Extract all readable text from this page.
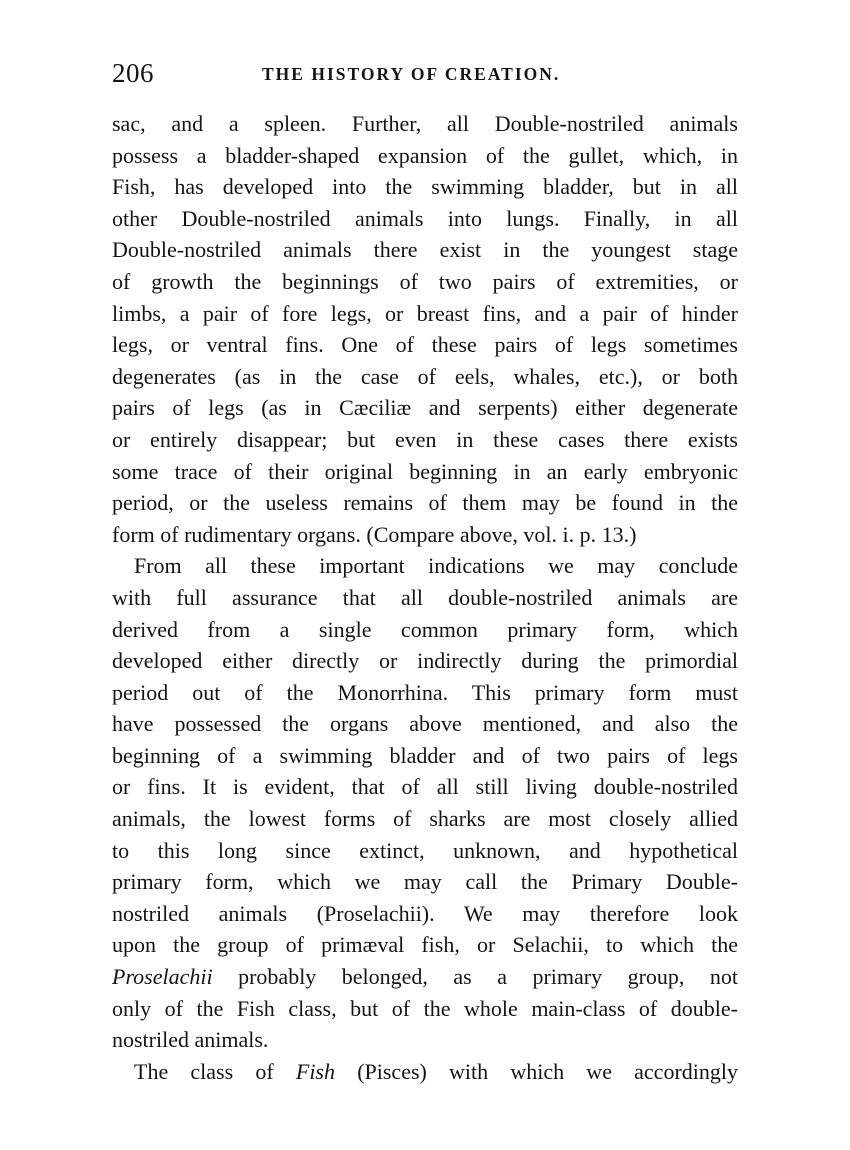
206	THE HISTORY OF CREATION.
sac, and a spleen. Further, all Double-nostriled animals
possess a bladder-shaped expansion of the gullet, which, in
Fish, has developed into the swimming bladder, but in all
other Double-nostriled animals into lungs. Finally, in all
Double-nostriled animals there exist in the youngest stage
of growth the beginnings of two pairs of extremities, or
limbs, a pair of fore legs, or breast fins, and a pair of hinder
legs, or ventral fins. One of these pairs of legs sometimes
degenerates (as in the case of eels, whales, etc.), or both
pairs of legs (as in Cæciliæ and serpents) either degenerate
or entirely disappear; but even in these cases there exists
some trace of their original beginning in an early embryonic
period, or the useless remains of them may be found in the
form of rudimentary organs. (Compare above, vol. i. p. 13.)
From all these important indications we may conclude
with full assurance that all double-nostriled animals are
derived from a single common primary form, which
developed either directly or indirectly during the primordial
period out of the Monorrhina. This primary form must
have possessed the organs above mentioned, and also the
beginning of a swimming bladder and of two pairs of legs
or fins. It is evident, that of all still living double-nostriled
animals, the lowest forms of sharks are most closely allied
to this long since extinct, unknown, and hypothetical
primary form, which we may call the Primary Double-
nostriled animals (Proselachii). We may therefore look
upon the group of primæval fish, or Selachii, to which the
Proselachii probably belonged, as a primary group, not
only of the Fish class, but of the whole main-class of double-
nostriled animals.
The class of Fish (Pisces) with which we accordingly
